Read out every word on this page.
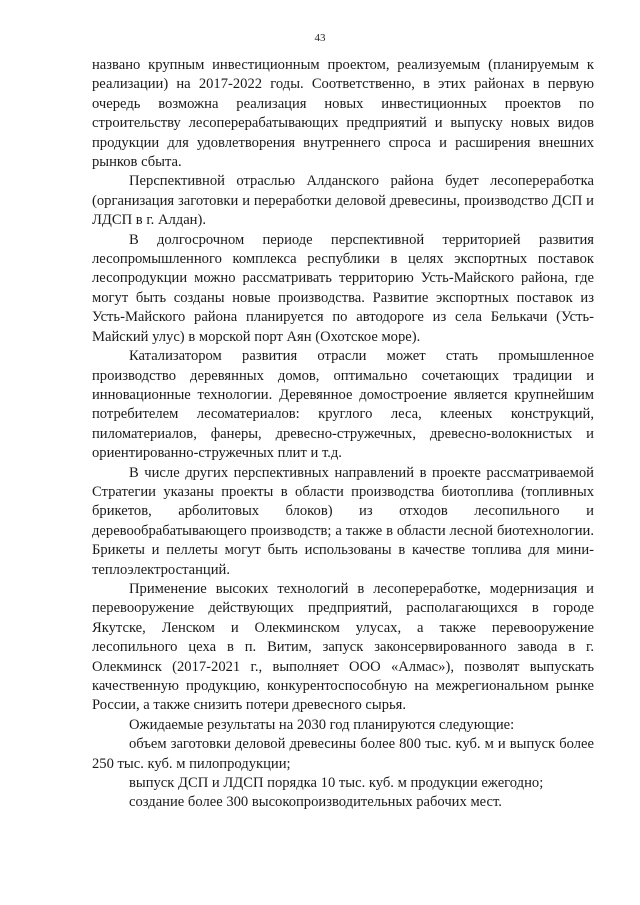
43

названо крупным инвестиционным проектом, реализуемым (планируемым к реализации) на 2017-2022 годы. Соответственно, в этих районах в первую очередь возможна реализация новых инвестиционных проектов по строительству лесоперерабатывающих предприятий и выпуску новых видов продукции для удовлетворения внутреннего спроса и расширения внешних рынков сбыта.

Перспективной отраслью Алданского района будет лесопереработка (организация заготовки и переработки деловой древесины, производство ДСП и ЛДСП в г. Алдан).

В долгосрочном периоде перспективной территорией развития лесопромышленного комплекса республики в целях экспортных поставок лесопродукции можно рассматривать территорию Усть-Майского района, где могут быть созданы новые производства. Развитие экспортных поставок из Усть-Майского района планируется по автодороге из села Белькачи (Усть-Майский улус) в морской порт Аян (Охотское море).

Катализатором развития отрасли может стать промышленное производство деревянных домов, оптимально сочетающих традиции и инновационные технологии. Деревянное домостроение является крупнейшим потребителем лесоматериалов: круглого леса, клееных конструкций, пиломатериалов, фанеры, древесно-стружечных, древесно-волокнистых и ориентированно-стружечных плит и т.д.

В числе других перспективных направлений в проекте рассматриваемой Стратегии указаны проекты в области производства биотоплива (топливных брикетов, арболитовых блоков) из отходов лесопильного и деревообрабатывающего производств; а также в области лесной биотехнологии. Брикеты и пеллеты могут быть использованы в качестве топлива для мини-теплоэлектростанций.

Применение высоких технологий в лесопереработке, модернизация и перевооружение действующих предприятий, располагающихся в городе Якутске, Ленском и Олекминском улусах, а также перевооружение лесопильного цеха в п. Витим, запуск законсервированного завода в г. Олекминск (2017-2021 г., выполняет ООО «Алмас»), позволят выпускать качественную продукцию, конкурентоспособную на межрегиональном рынке России, а также снизить потери древесного сырья.

Ожидаемые результаты на 2030 год планируются следующие:

объем заготовки деловой древесины более 800 тыс. куб. м и выпуск более 250 тыс. куб. м пилопродукции;

выпуск ДСП и ЛДСП порядка 10 тыс. куб. м продукции ежегодно;

создание более 300 высокопроизводительных рабочих мест.
